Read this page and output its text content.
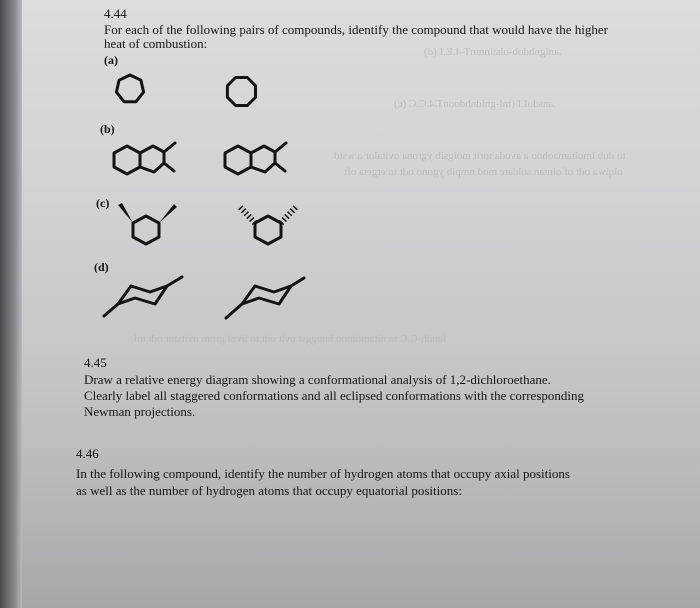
.anignhdob-olstlnmnT-4.E.I (d)
.ansdoI.I (tnl-gnidnhdoonT.4.C.C (c)
to dub lmoitamaohoo a avoda torit moigsib ygrona ovitalor a wstd
olqiwa odt of ointan soldate mod nmpib ygono odt to ergeta oft
loodh-C.C to nitamolnoo bouggst ovlt odt to iivnl grom ovitslor odt tol
4.44
For each of the following pairs of compounds, identify the compound that would have the higher
heat of combustion:
(a)
(b)
(c)
(d)
4.45
Draw a relative energy diagram showing a conformational analysis of 1,2-dichloroethane.
Clearly label all staggered conformations and all eclipsed conformations with the corresponding
Newman projections.
4.46
In the following compound, identify the number of hydrogen atoms that occupy axial positions
as well as the number of hydrogen atoms that occupy equatorial positions:
